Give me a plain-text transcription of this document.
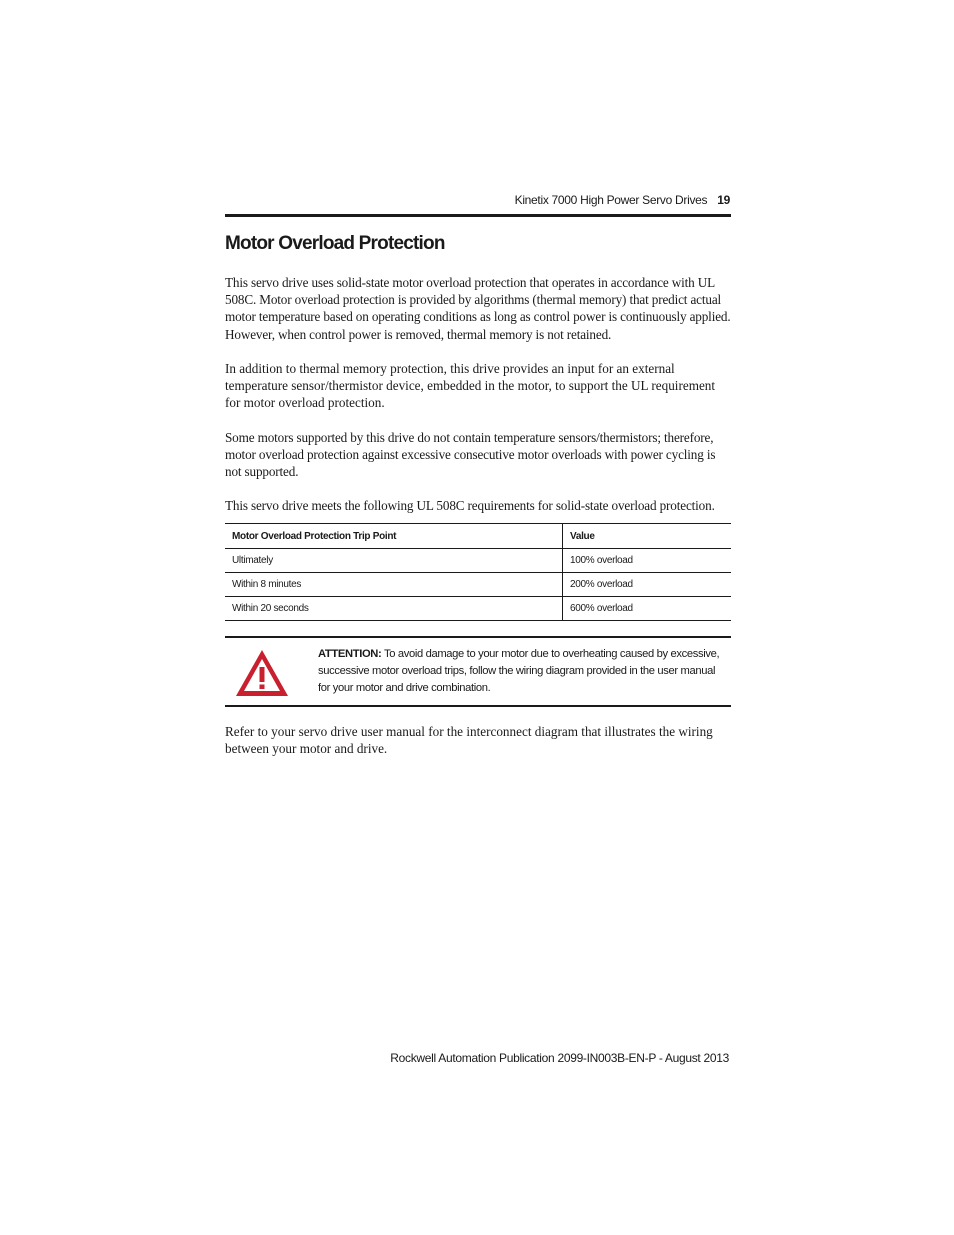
Kinetix 7000 High Power Servo Drives 19
Motor Overload Protection

This servo drive uses solid-state motor overload protection that operates in accordance with UL 508C. Motor overload protection is provided by algorithms (thermal memory) that predict actual motor temperature based on operating conditions as long as control power is continuously applied. However, when control power is removed, thermal memory is not retained.

In addition to thermal memory protection, this drive provides an input for an external temperature sensor/thermistor device, embedded in the motor, to support the UL requirement for motor overload protection.

Some motors supported by this drive do not contain temperature sensors/thermistors; therefore, motor overload protection against excessive consecutive motor overloads with power cycling is not supported.

This servo drive meets the following UL 508C requirements for solid-state overload protection.

Motor Overload Protection Trip Point	Value
Ultimately	100% overload
Within 8 minutes	200% overload
Within 20 seconds	600% overload

ATTENTION: To avoid damage to your motor due to overheating caused by excessive, successive motor overload trips, follow the wiring diagram provided in the user manual for your motor and drive combination.

Refer to your servo drive user manual for the interconnect diagram that illustrates the wiring between your motor and drive.

Rockwell Automation Publication 2099-IN003B-EN-P - August 2013
